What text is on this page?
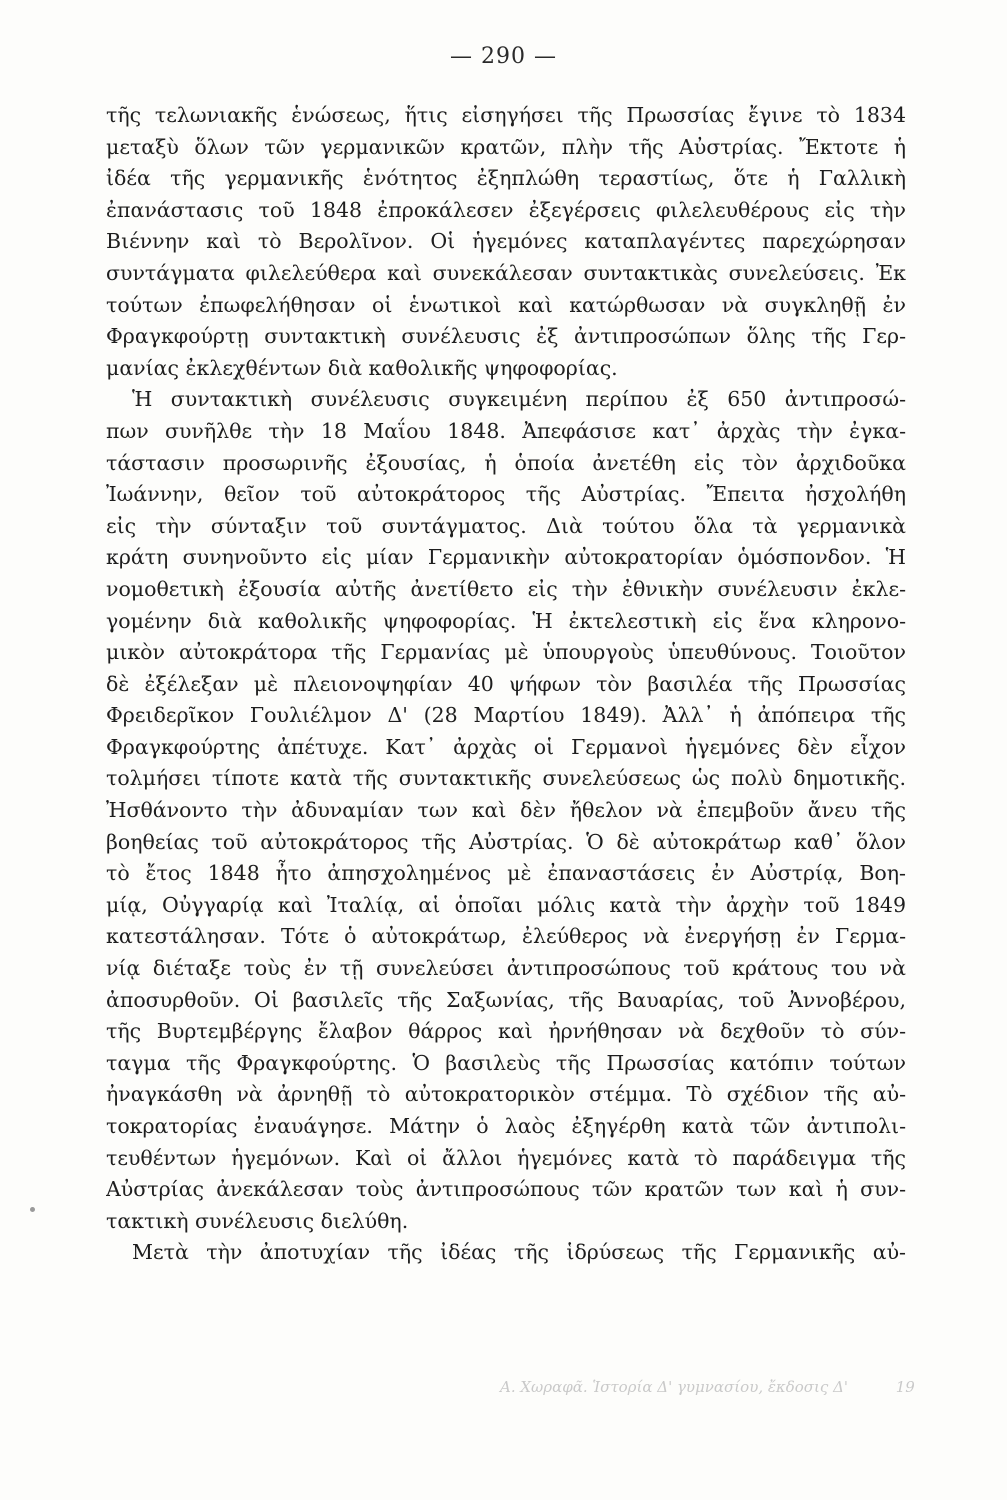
— 290 —
τῆς τελωνιακῆς ἑνώσεως, ἥτις εἰσηγήσει τῆς Πρωσσίας ἔγινε τὸ 1834
μεταξὺ ὅλων τῶν γερμανικῶν κρατῶν, πλὴν τῆς Αὐστρίας. Ἔκτοτε ἡ
ἰδέα τῆς γερμανικῆς ἑνότητος ἐξηπλώθη τεραστίως, ὅτε ἡ Γαλλικὴ
ἐπανάστασις τοῦ 1848 ἐπροκάλεσεν ἐξεγέρσεις φιλελευθέρους εἰς τὴν
Βιέννην καὶ τὸ Βερολῖνον. Οἱ ἡγεμόνες καταπλαγέντες παρεχώρησαν
συντάγματα φιλελεύθερα καὶ συνεκάλεσαν συντακτικὰς συνελεύσεις. Ἐκ
τούτων ἐπωφελήθησαν οἱ ἑνωτικοὶ καὶ κατώρθωσαν νὰ συγκληθῇ ἐν
Φραγκφούρτῃ συντακτικὴ συνέλευσις ἐξ ἀντιπροσώπων ὅλης τῆς Γερ-
μανίας ἐκλεχθέντων διὰ καθολικῆς ψηφοφορίας.
Ἡ συντακτικὴ συνέλευσις συγκειμένη περίπου ἐξ 650 ἀντιπροσώ-
πων συνῆλθε τὴν 18 Μαΐου 1848. Ἀπεφάσισε κατ᾽ ἀρχὰς τὴν ἐγκα-
τάστασιν προσωρινῆς ἐξουσίας, ἡ ὁποία ἀνετέθη εἰς τὸν ἀρχιδοῦκα
Ἰωάννην, θεῖον τοῦ αὐτοκράτορος τῆς Αὐστρίας. Ἔπειτα ἠσχολήθη
εἰς τὴν σύνταξιν τοῦ συντάγματος. Διὰ τούτου ὅλα τὰ γερμανικὰ
κράτη συνηνοῦντο εἰς μίαν Γερμανικὴν αὐτοκρατορίαν ὁμόσπονδον. Ἡ
νομοθετικὴ ἐξουσία αὐτῆς ἀνετίθετο εἰς τὴν ἐθνικὴν συνέλευσιν ἐκλε-
γομένην διὰ καθολικῆς ψηφοφορίας. Ἡ ἐκτελεστικὴ εἰς ἕνα κληρονο-
μικὸν αὐτοκράτορα τῆς Γερμανίας μὲ ὑπουργοὺς ὑπευθύνους. Τοιοῦτον
δὲ ἐξέλεξαν μὲ πλειονοψηφίαν 40 ψήφων τὸν βασιλέα τῆς Πρωσσίας
Φρειδερῖκον Γουλιέλμον Δ' (28 Μαρτίου 1849). Ἀλλ᾽ ἡ ἀπόπειρα τῆς
Φραγκφούρτης ἀπέτυχε. Κατ᾽ ἀρχὰς οἱ Γερμανοὶ ἡγεμόνες δὲν εἶχον
τολμήσει τίποτε κατὰ τῆς συντακτικῆς συνελεύσεως ὡς πολὺ δημοτικῆς.
Ἠσθάνοντο τὴν ἀδυναμίαν των καὶ δὲν ἤθελον νὰ ἐπεμβοῦν ἄνευ τῆς
βοηθείας τοῦ αὐτοκράτορος τῆς Αὐστρίας. Ὁ δὲ αὐτοκράτωρ καθ᾽ ὅλον
τὸ ἔτος 1848 ἦτο ἀπησχολημένος μὲ ἐπαναστάσεις ἐν Αὐστρίᾳ, Βοη-
μίᾳ, Οὐγγαρίᾳ καὶ Ἰταλίᾳ, αἱ ὁποῖαι μόλις κατὰ τὴν ἀρχὴν τοῦ 1849
κατεστάλησαν. Τότε ὁ αὐτοκράτωρ, ἐλεύθερος νὰ ἐνεργήσῃ ἐν Γερμα-
νίᾳ διέταξε τοὺς ἐν τῇ συνελεύσει ἀντιπροσώπους τοῦ κράτους του νὰ
ἀποσυρθοῦν. Οἱ βασιλεῖς τῆς Σαξωνίας, τῆς Βαυαρίας, τοῦ Ἀννοβέρου,
τῆς Βυρτεμβέργης ἔλαβον θάρρος καὶ ἠρνήθησαν νὰ δεχθοῦν τὸ σύν-
ταγμα τῆς Φραγκφούρτης. Ὁ βασιλεὺς τῆς Πρωσσίας κατόπιν τούτων
ἠναγκάσθη νὰ ἀρνηθῇ τὸ αὐτοκρατορικὸν στέμμα. Τὸ σχέδιον τῆς αὐ-
τοκρατορίας ἐναυάγησε. Μάτην ὁ λαὸς ἐξηγέρθη κατὰ τῶν ἀντιπολι-
τευθέντων ἡγεμόνων. Καὶ οἱ ἄλλοι ἡγεμόνες κατὰ τὸ παράδειγμα τῆς
Αὐστρίας ἀνεκάλεσαν τοὺς ἀντιπροσώπους τῶν κρατῶν των καὶ ἡ συν-
τακτικὴ συνέλευσις διελύθη.
Μετὰ τὴν ἀποτυχίαν τῆς ἰδέας τῆς ἱδρύσεως τῆς Γερμανικῆς αὐ-
A. Χωραφᾶ. Ἱστορία Δ' γυμνασίου, ἔκδοσις Δ'	19
